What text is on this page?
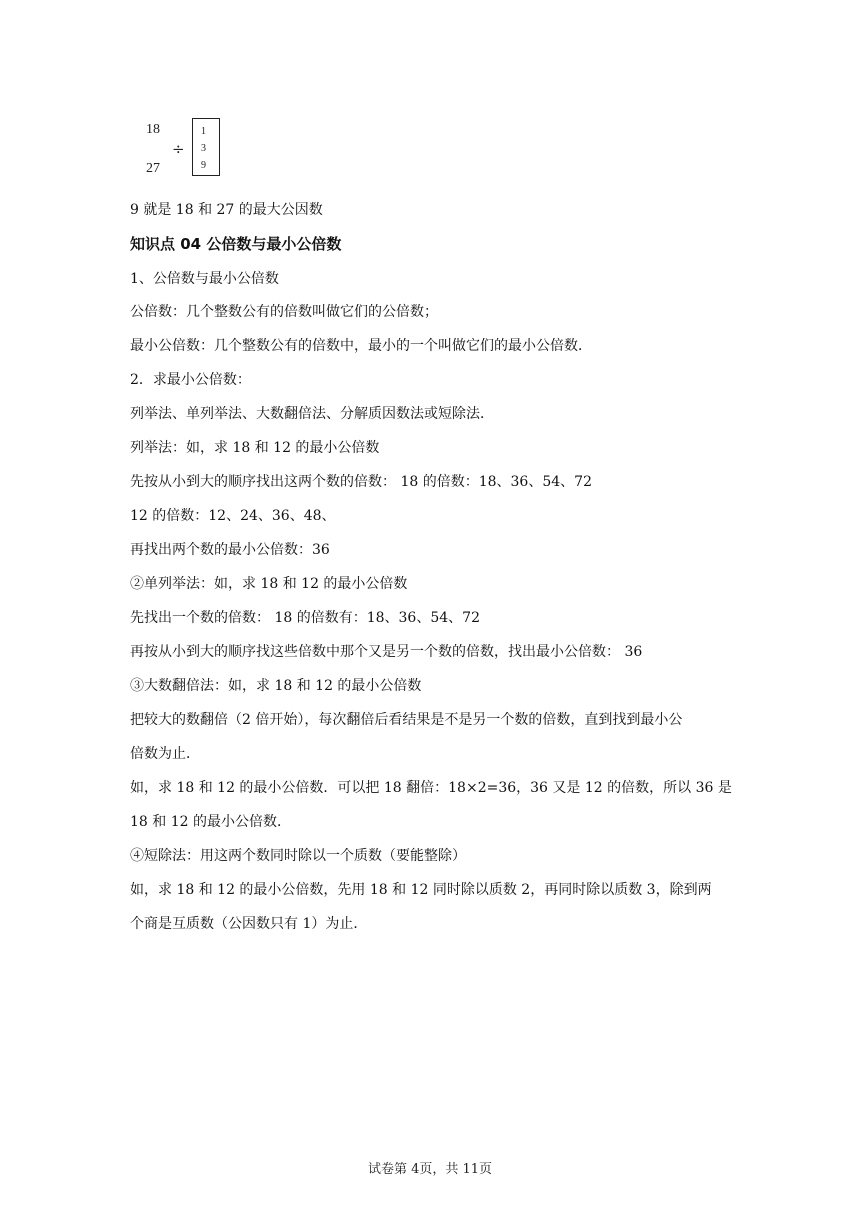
18
27
÷
1
3
9
9 就是 18 和 27 的最大公因数
知识点 04 公倍数与最小公倍数
1、公倍数与最小公倍数
公倍数：几个整数公有的倍数叫做它们的公倍数；
最小公倍数：几个整数公有的倍数中，最小的一个叫做它们的最小公倍数．
2．求最小公倍数：
列举法、单列举法、大数翻倍法、分解质因数法或短除法．
列举法：如，求 18 和 12 的最小公倍数
先按从小到大的顺序找出这两个数的倍数： 18 的倍数：18、36、54、72
12 的倍数：12、24、36、48、
再找出两个数的最小公倍数：36
②单列举法：如，求 18 和 12 的最小公倍数
先找出一个数的倍数： 18 的倍数有：18、36、54、72
再按从小到大的顺序找这些倍数中那个又是另一个数的倍数，找出最小公倍数： 36
③大数翻倍法：如，求 18 和 12 的最小公倍数
把较大的数翻倍（2 倍开始），每次翻倍后看结果是不是另一个数的倍数，直到找到最小公
倍数为止．
如，求 18 和 12 的最小公倍数．可以把 18 翻倍：18×2=36，36 又是 12 的倍数，所以 36 是
18 和 12 的最小公倍数．
④短除法：用这两个数同时除以一个质数（要能整除）
如，求 18 和 12 的最小公倍数，先用 18 和 12 同时除以质数 2，再同时除以质数 3，除到两
个商是互质数（公因数只有 1）为止．
试卷第 4页，共 11页
